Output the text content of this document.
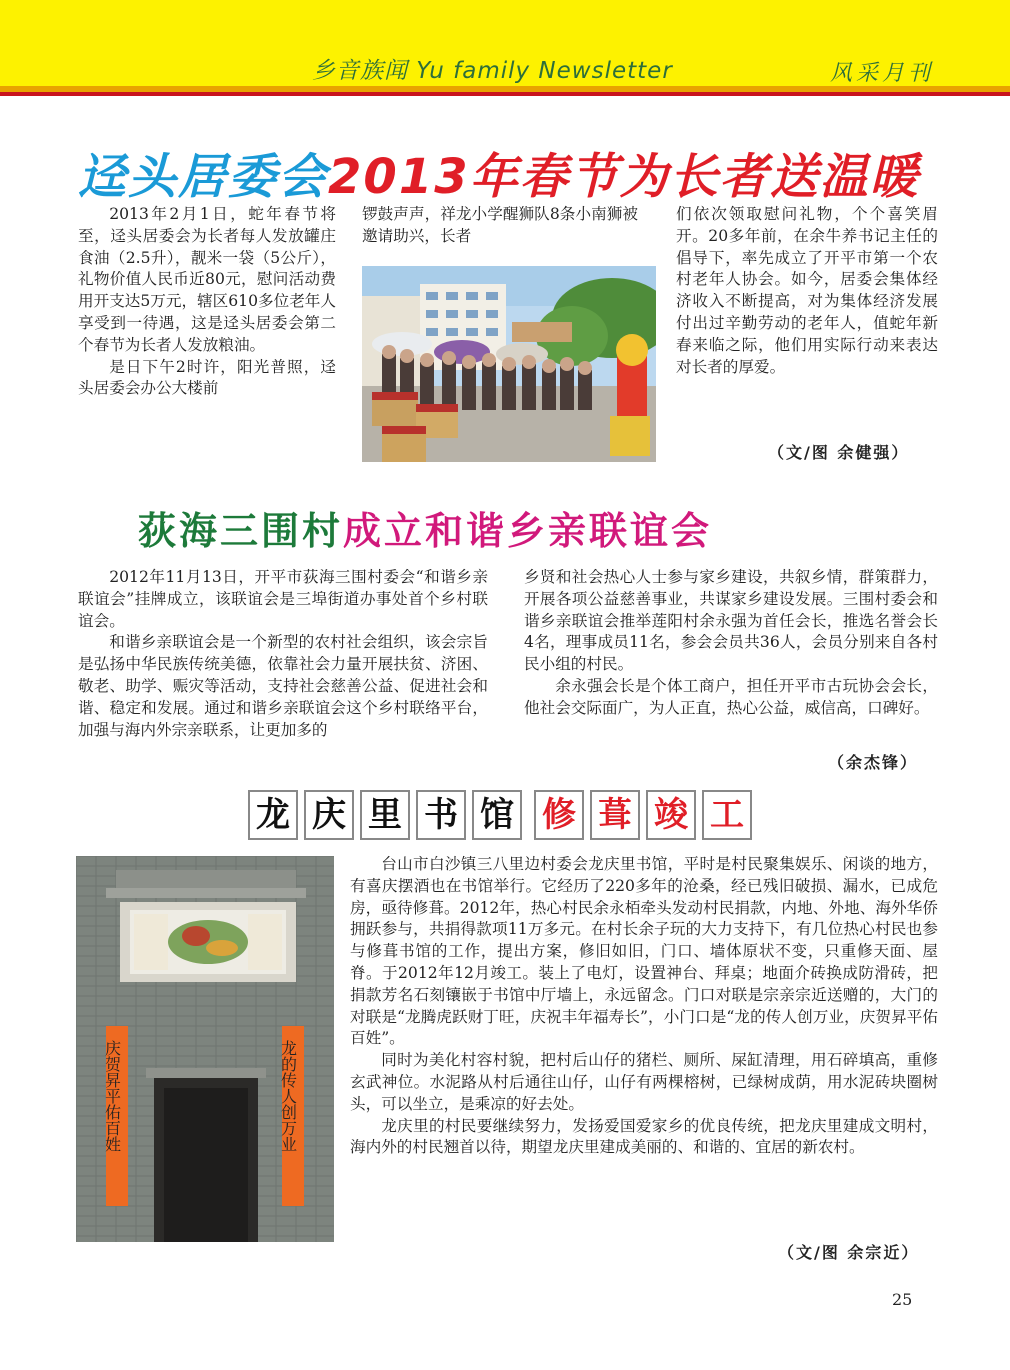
乡音族闻 Yu family Newsletter	风采月刊
迳头居委会2013年春节为长者送温暖

2013年2月1日，蛇年春节将至，迳头居委会为长者每人发放罐庄食油（2.5升），靓米一袋（5公斤），礼物价值人民币近80元，慰问活动费用开支达5万元，辖区610多位老年人享受到一待遇，这是迳头居委会第二个春节为长者人发放粮油。

是日下午2时许，阳光普照，迳头居委会办公大楼前

锣鼓声声，祥龙小学醒狮队8条小南狮被邀请助兴，长者

们依次领取慰问礼物，个个喜笑眉开。20多年前，在余牛养书记主任的倡导下，率先成立了开平市第一个农村老年人协会。如今，居委会集体经济收入不断提高，对为集体经济发展付出过辛勤劳动的老年人，值蛇年新春来临之际，他们用实际行动来表达对长者的厚爱。

（文/图 余健强）
荻海三围村成立和谐乡亲联谊会

2012年11月13日，开平市荻海三围村委会“和谐乡亲联谊会”挂牌成立，该联谊会是三埠街道办事处首个乡村联谊会。

和谐乡亲联谊会是一个新型的农村社会组织，该会宗旨是弘扬中华民族传统美德，依靠社会力量开展扶贫、济困、敬老、助学、赈灾等活动，支持社会慈善公益、促进社会和谐、稳定和发展。通过和谐乡亲联谊会这个乡村联络平台，加强与海内外宗亲联系，让更加多的

乡贤和社会热心人士参与家乡建设，共叙乡情，群策群力，开展各项公益慈善事业，共谋家乡建设发展。三围村委会和谐乡亲联谊会推举莲阳村余永强为首任会长，推选名誉会长4名，理事成员11名，参会会员共36人，会员分别来自各村民小组的村民。

余永强会长是个体工商户，担任开平市古玩协会会长，他社会交际面广，为人正直，热心公益，威信高，口碑好。

（余杰锋）
龙 庆 里 书 馆 修 葺 竣 工
庆贺昇平佑百姓	龙的传人创万业

台山市白沙镇三八里边村委会龙庆里书馆，平时是村民聚集娱乐、闲谈的地方，有喜庆摆酒也在书馆举行。它经历了220多年的沧桑，经已残旧破损、漏水，已成危房，亟待修葺。2012年，热心村民余永栢牵头发动村民捐款，内地、外地、海外华侨拥跃参与，共捐得款项11万多元。在村长余子玩的大力支持下，有几位热心村民也参与修葺书馆的工作，提出方案，修旧如旧，门口、墙体原状不变，只重修天面、屋脊。于2012年12月竣工。装上了电灯，设置神台、拜桌；地面介砖换成防滑砖，把捐款芳名石刻镶嵌于书馆中厅墙上，永远留念。门口对联是宗亲宗近送赠的，大门的对联是“龙腾虎跃财丁旺，庆祝丰年福寿长”，小门口是“龙的传人创万业，庆贺昇平佑百姓”。

同时为美化村容村貌，把村后山仔的猪栏、厕所、屎缸清理，用石碎填高，重修玄武神位。水泥路从村后通往山仔，山仔有两棵榕树，已绿树成荫，用水泥砖块圈树头，可以坐立，是乘凉的好去处。

龙庆里的村民要继续努力，发扬爱国爱家乡的优良传统，把龙庆里建成文明村，海内外的村民翘首以待，期望龙庆里建成美丽的、和谐的、宜居的新农村。

（文/图 余宗近）
25
